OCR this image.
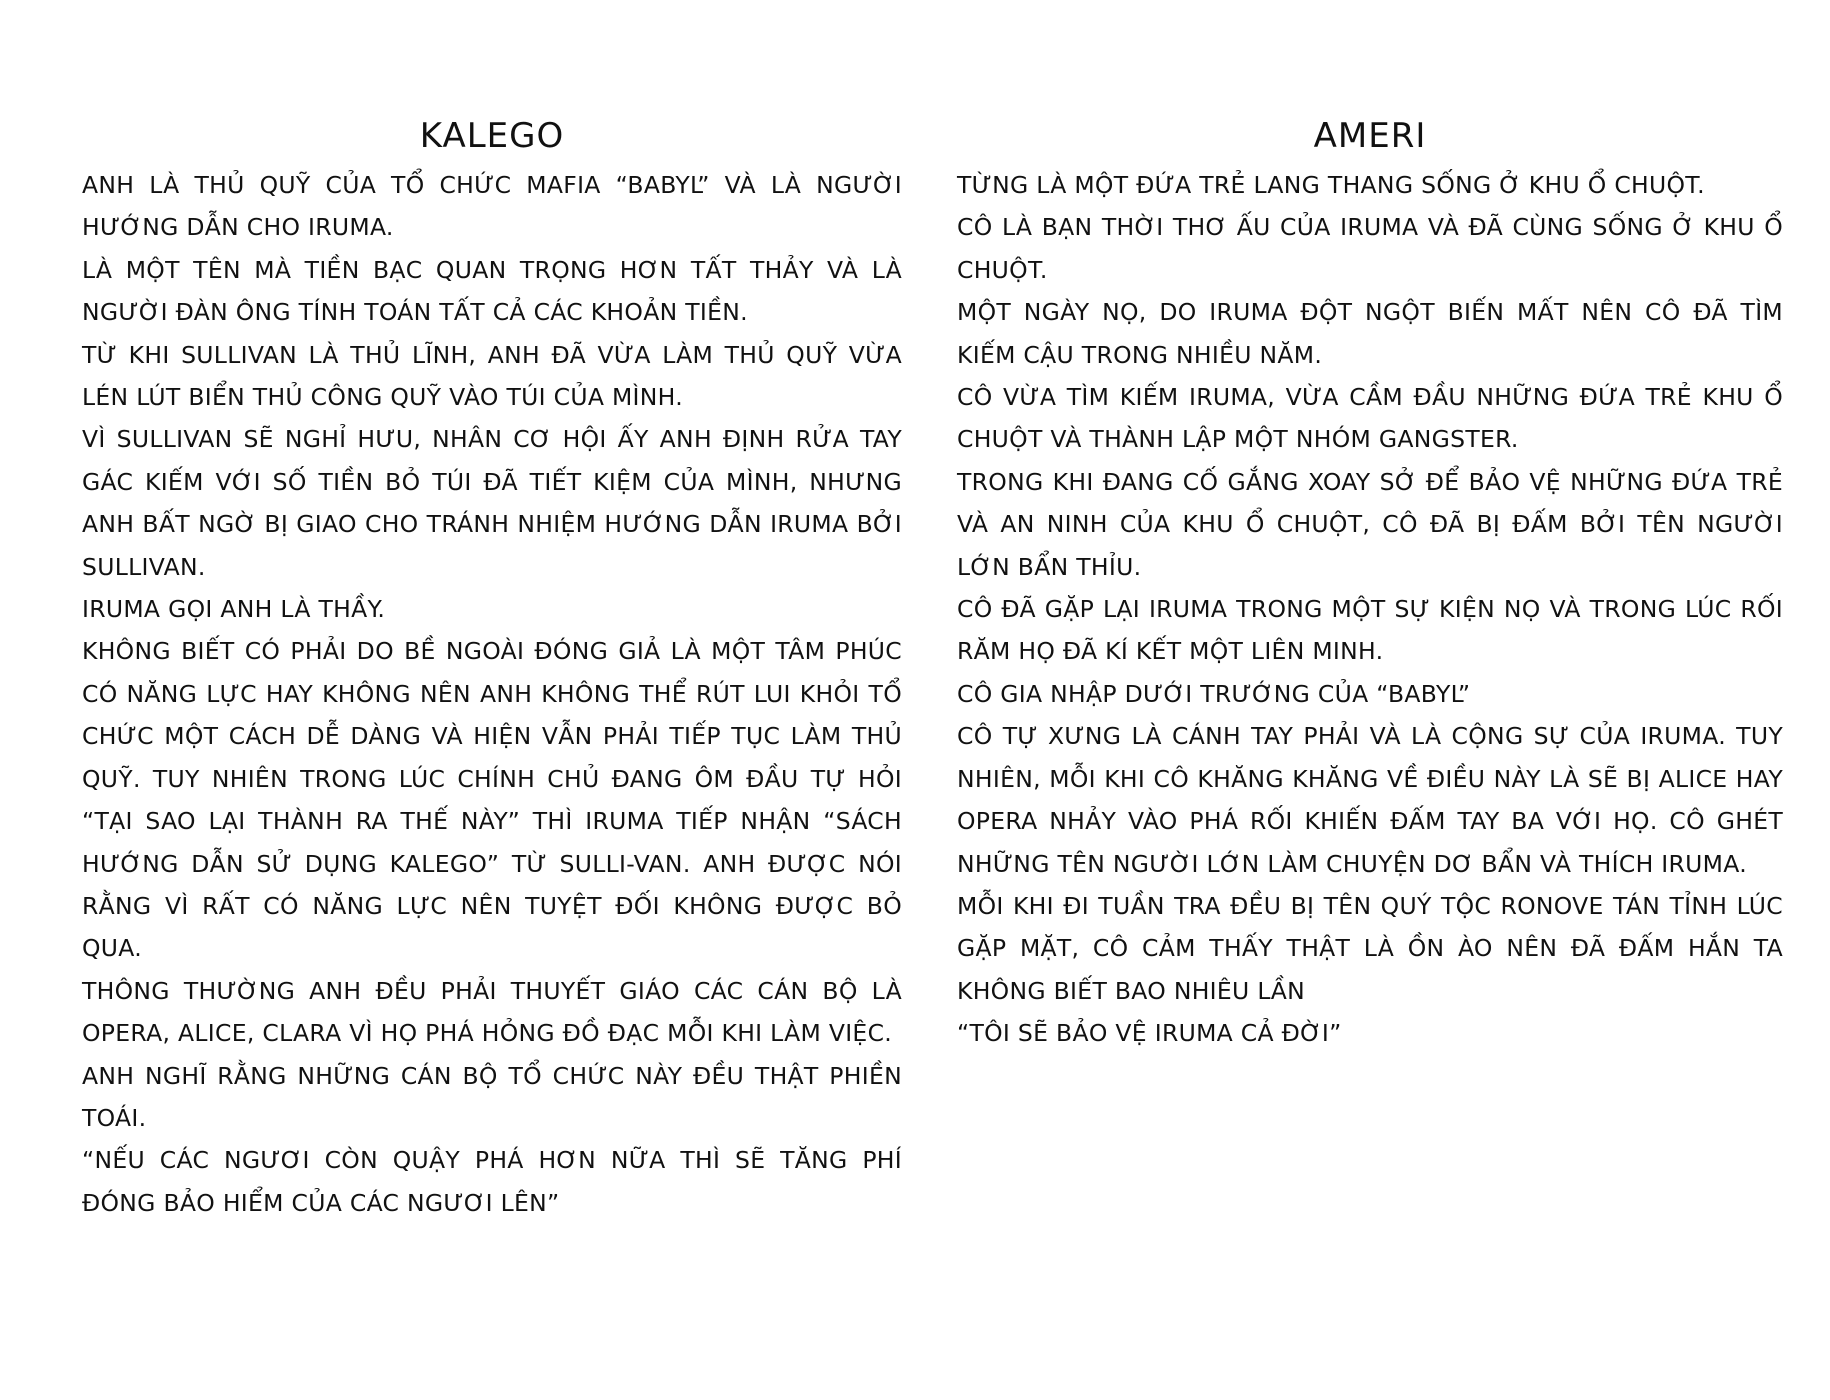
KALEGO

ANH LÀ THỦ QUỸ CỦA TỔ CHỨC MAFIA “BABYL” VÀ LÀ NGƯỜI HƯỚNG DẪN CHO IRUMA.

LÀ MỘT TÊN MÀ TIỀN BẠC QUAN TRỌNG HƠN TẤT THẢY VÀ LÀ NGƯỜI ĐÀN ÔNG TÍNH TOÁN TẤT CẢ CÁC KHOẢN TIỀN.

TỪ KHI SULLIVAN LÀ THỦ LĨNH, ANH ĐÃ VỪA LÀM THỦ QUỸ VỪA LÉN LÚT BIỂN THỦ CÔNG QUỸ VÀO TÚI CỦA MÌNH.

VÌ SULLIVAN SẼ NGHỈ HƯU, NHÂN CƠ HỘI ẤY ANH ĐỊNH RỬA TAY GÁC KIẾM VỚI SỐ TIỀN BỎ TÚI ĐÃ TIẾT KIỆM CỦA MÌNH, NHƯNG ANH BẤT NGỜ BỊ GIAO CHO TRÁNH NHIỆM HƯỚNG DẪN IRUMA BỞI SULLIVAN.

IRUMA GỌI ANH LÀ THẦY.

KHÔNG BIẾT CÓ PHẢI DO BỀ NGOÀI ĐÓNG GIẢ LÀ MỘT TÂM PHÚC CÓ NĂNG LỰC HAY KHÔNG NÊN ANH KHÔNG THỂ RÚT LUI KHỎI TỔ CHỨC MỘT CÁCH DỄ DÀNG VÀ HIỆN VẪN PHẢI TIẾP TỤC LÀM THỦ QUỸ. TUY NHIÊN TRONG LÚC CHÍNH CHỦ ĐANG ÔM ĐẦU TỰ HỎI “TẠI SAO LẠI THÀNH RA THẾ NÀY” THÌ IRUMA TIẾP NHẬN “SÁCH HƯỚNG DẪN SỬ DỤNG KALEGO” TỪ SULLI-VAN. ANH ĐƯỢC NÓI RẰNG VÌ RẤT CÓ NĂNG LỰC NÊN TUYỆT ĐỐI KHÔNG ĐƯỢC BỎ QUA.

THÔNG THƯỜNG ANH ĐỀU PHẢI THUYẾT GIÁO CÁC CÁN BỘ LÀ OPERA, ALICE, CLARA VÌ HỌ PHÁ HỎNG ĐỒ ĐẠC MỖI KHI LÀM VIỆC.

ANH NGHĨ RẰNG NHỮNG CÁN BỘ TỔ CHỨC NÀY ĐỀU THẬT PHIỀN TOÁI.

“NẾU CÁC NGƯƠI CÒN QUẬY PHÁ HƠN NỮA THÌ SẼ TĂNG PHÍ ĐÓNG BẢO HIỂM CỦA CÁC NGƯƠI LÊN”

AMERI

TỪNG LÀ MỘT ĐỨA TRẺ LANG THANG SỐNG Ở KHU Ổ CHUỘT.

CÔ LÀ BẠN THỜI THƠ ẤU CỦA IRUMA VÀ ĐÃ CÙNG SỐNG Ở KHU Ổ CHUỘT.

MỘT NGÀY NỌ, DO IRUMA ĐỘT NGỘT BIẾN MẤT NÊN CÔ ĐÃ TÌM KIẾM CẬU TRONG NHIỀU NĂM.

CÔ VỪA TÌM KIẾM IRUMA, VỪA CẦM ĐẦU NHỮNG ĐỨA TRẺ KHU Ổ CHUỘT VÀ THÀNH LẬP MỘT NHÓM GANGSTER.

TRONG KHI ĐANG CỐ GẮNG XOAY SỞ ĐỂ BẢO VỆ NHỮNG ĐỨA TRẺ VÀ AN NINH CỦA KHU Ổ CHUỘT, CÔ ĐÃ BỊ ĐẤM BỞI TÊN NGƯỜI LỚN BẨN THỈU.

CÔ ĐÃ GẶP LẠI IRUMA TRONG MỘT SỰ KIỆN NỌ VÀ TRONG LÚC RỐI RĂM HỌ ĐÃ KÍ KẾT MỘT LIÊN MINH.

CÔ GIA NHẬP DƯỚI TRƯỚNG CỦA “BABYL”

CÔ TỰ XƯNG LÀ CÁNH TAY PHẢI VÀ LÀ CỘNG SỰ CỦA IRUMA. TUY NHIÊN, MỖI KHI CÔ KHĂNG KHĂNG VỀ ĐIỀU NÀY LÀ SẼ BỊ ALICE HAY OPERA NHẢY VÀO PHÁ RỐI KHIẾN ĐẤM TAY BA VỚI HỌ. CÔ GHÉT NHỮNG TÊN NGƯỜI LỚN LÀM CHUYỆN DƠ BẨN VÀ THÍCH IRUMA.

MỖI KHI ĐI TUẦN TRA ĐỀU BỊ TÊN QUÝ TỘC RONOVE TÁN TỈNH LÚC GẶP MẶT, CÔ CẢM THẤY THẬT LÀ ỒN ÀO NÊN ĐÃ ĐẤM HẮN TA KHÔNG BIẾT BAO NHIÊU LẦN

“TÔI SẼ BẢO VỆ IRUMA CẢ ĐỜI”
